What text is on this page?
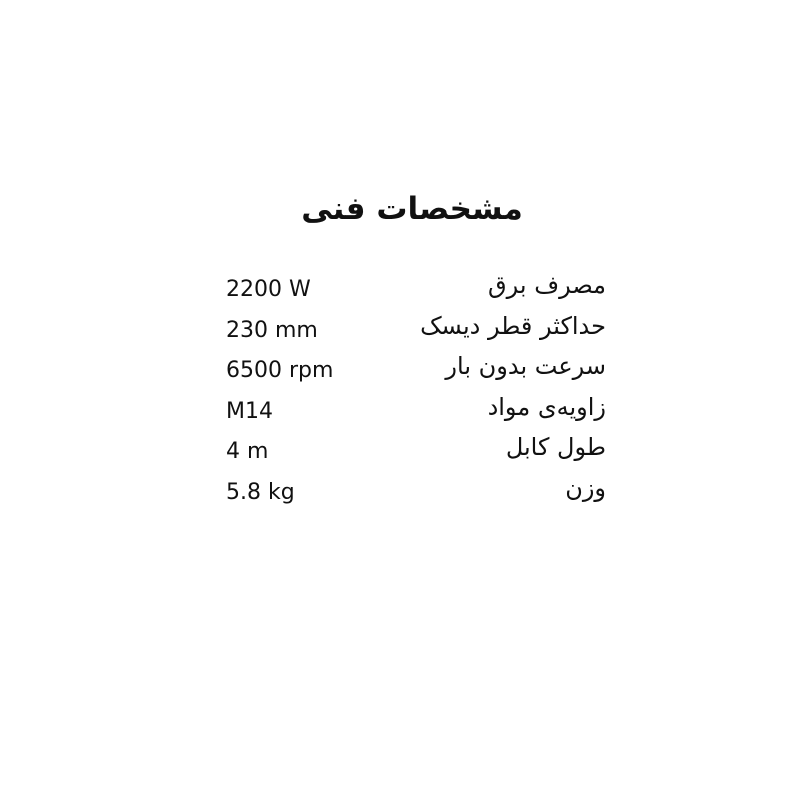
مشخصات فنی
2200 W	مصرف برق
230 mm	حداکثر قطر دیسک
6500 rpm	سرعت بدون بار
M14	زاویه‌ی مواد
4 m	طول کابل
5.8 kg	وزن
